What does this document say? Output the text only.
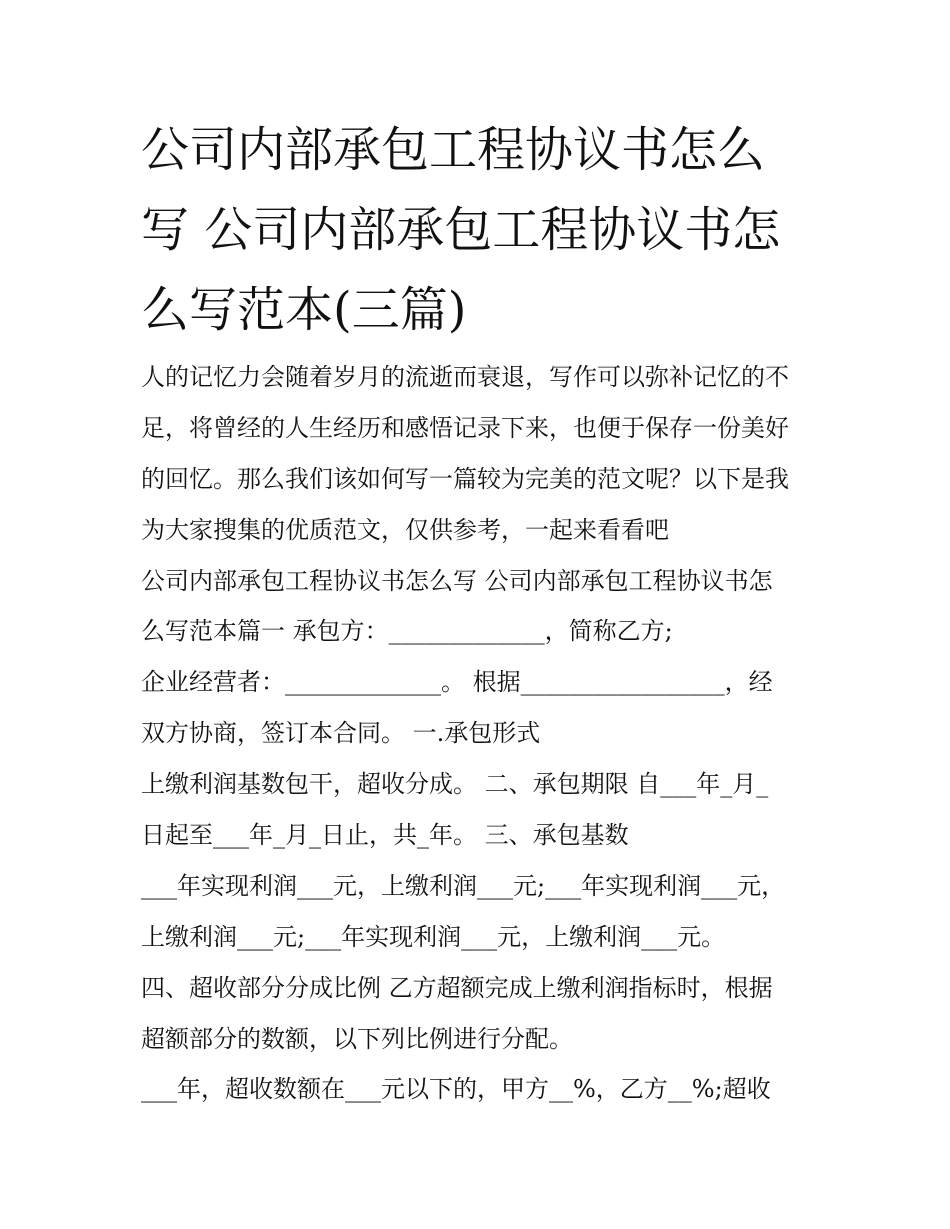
公司内部承包工程协议书怎么
写 公司内部承包工程协议书怎
么写范本(三篇)
人的记忆力会随着岁月的流逝而衰退，写作可以弥补记忆的不
足，将曾经的人生经历和感悟记录下来，也便于保存一份美好
的回忆。那么我们该如何写一篇较为完美的范文呢？以下是我
为大家搜集的优质范文，仅供参考，一起来看看吧
公司内部承包工程协议书怎么写 公司内部承包工程协议书怎
么写范本篇一 承包方：_____________，简称乙方;
企业经营者：_____________。 根据_________________，经
双方协商，签订本合同。 一.承包形式
上缴利润基数包干，超收分成。 二、承包期限 自___年_月_
日起至___年_月_日止，共_年。 三、承包基数
___年实现利润___元，上缴利润___元;___年实现利润___元，
上缴利润___元;___年实现利润___元，上缴利润___元。
四、超收部分分成比例 乙方超额完成上缴利润指标时，根据
超额部分的数额，以下列比例进行分配。
___年，超收数额在___元以下的，甲方__%，乙方__%;超收
